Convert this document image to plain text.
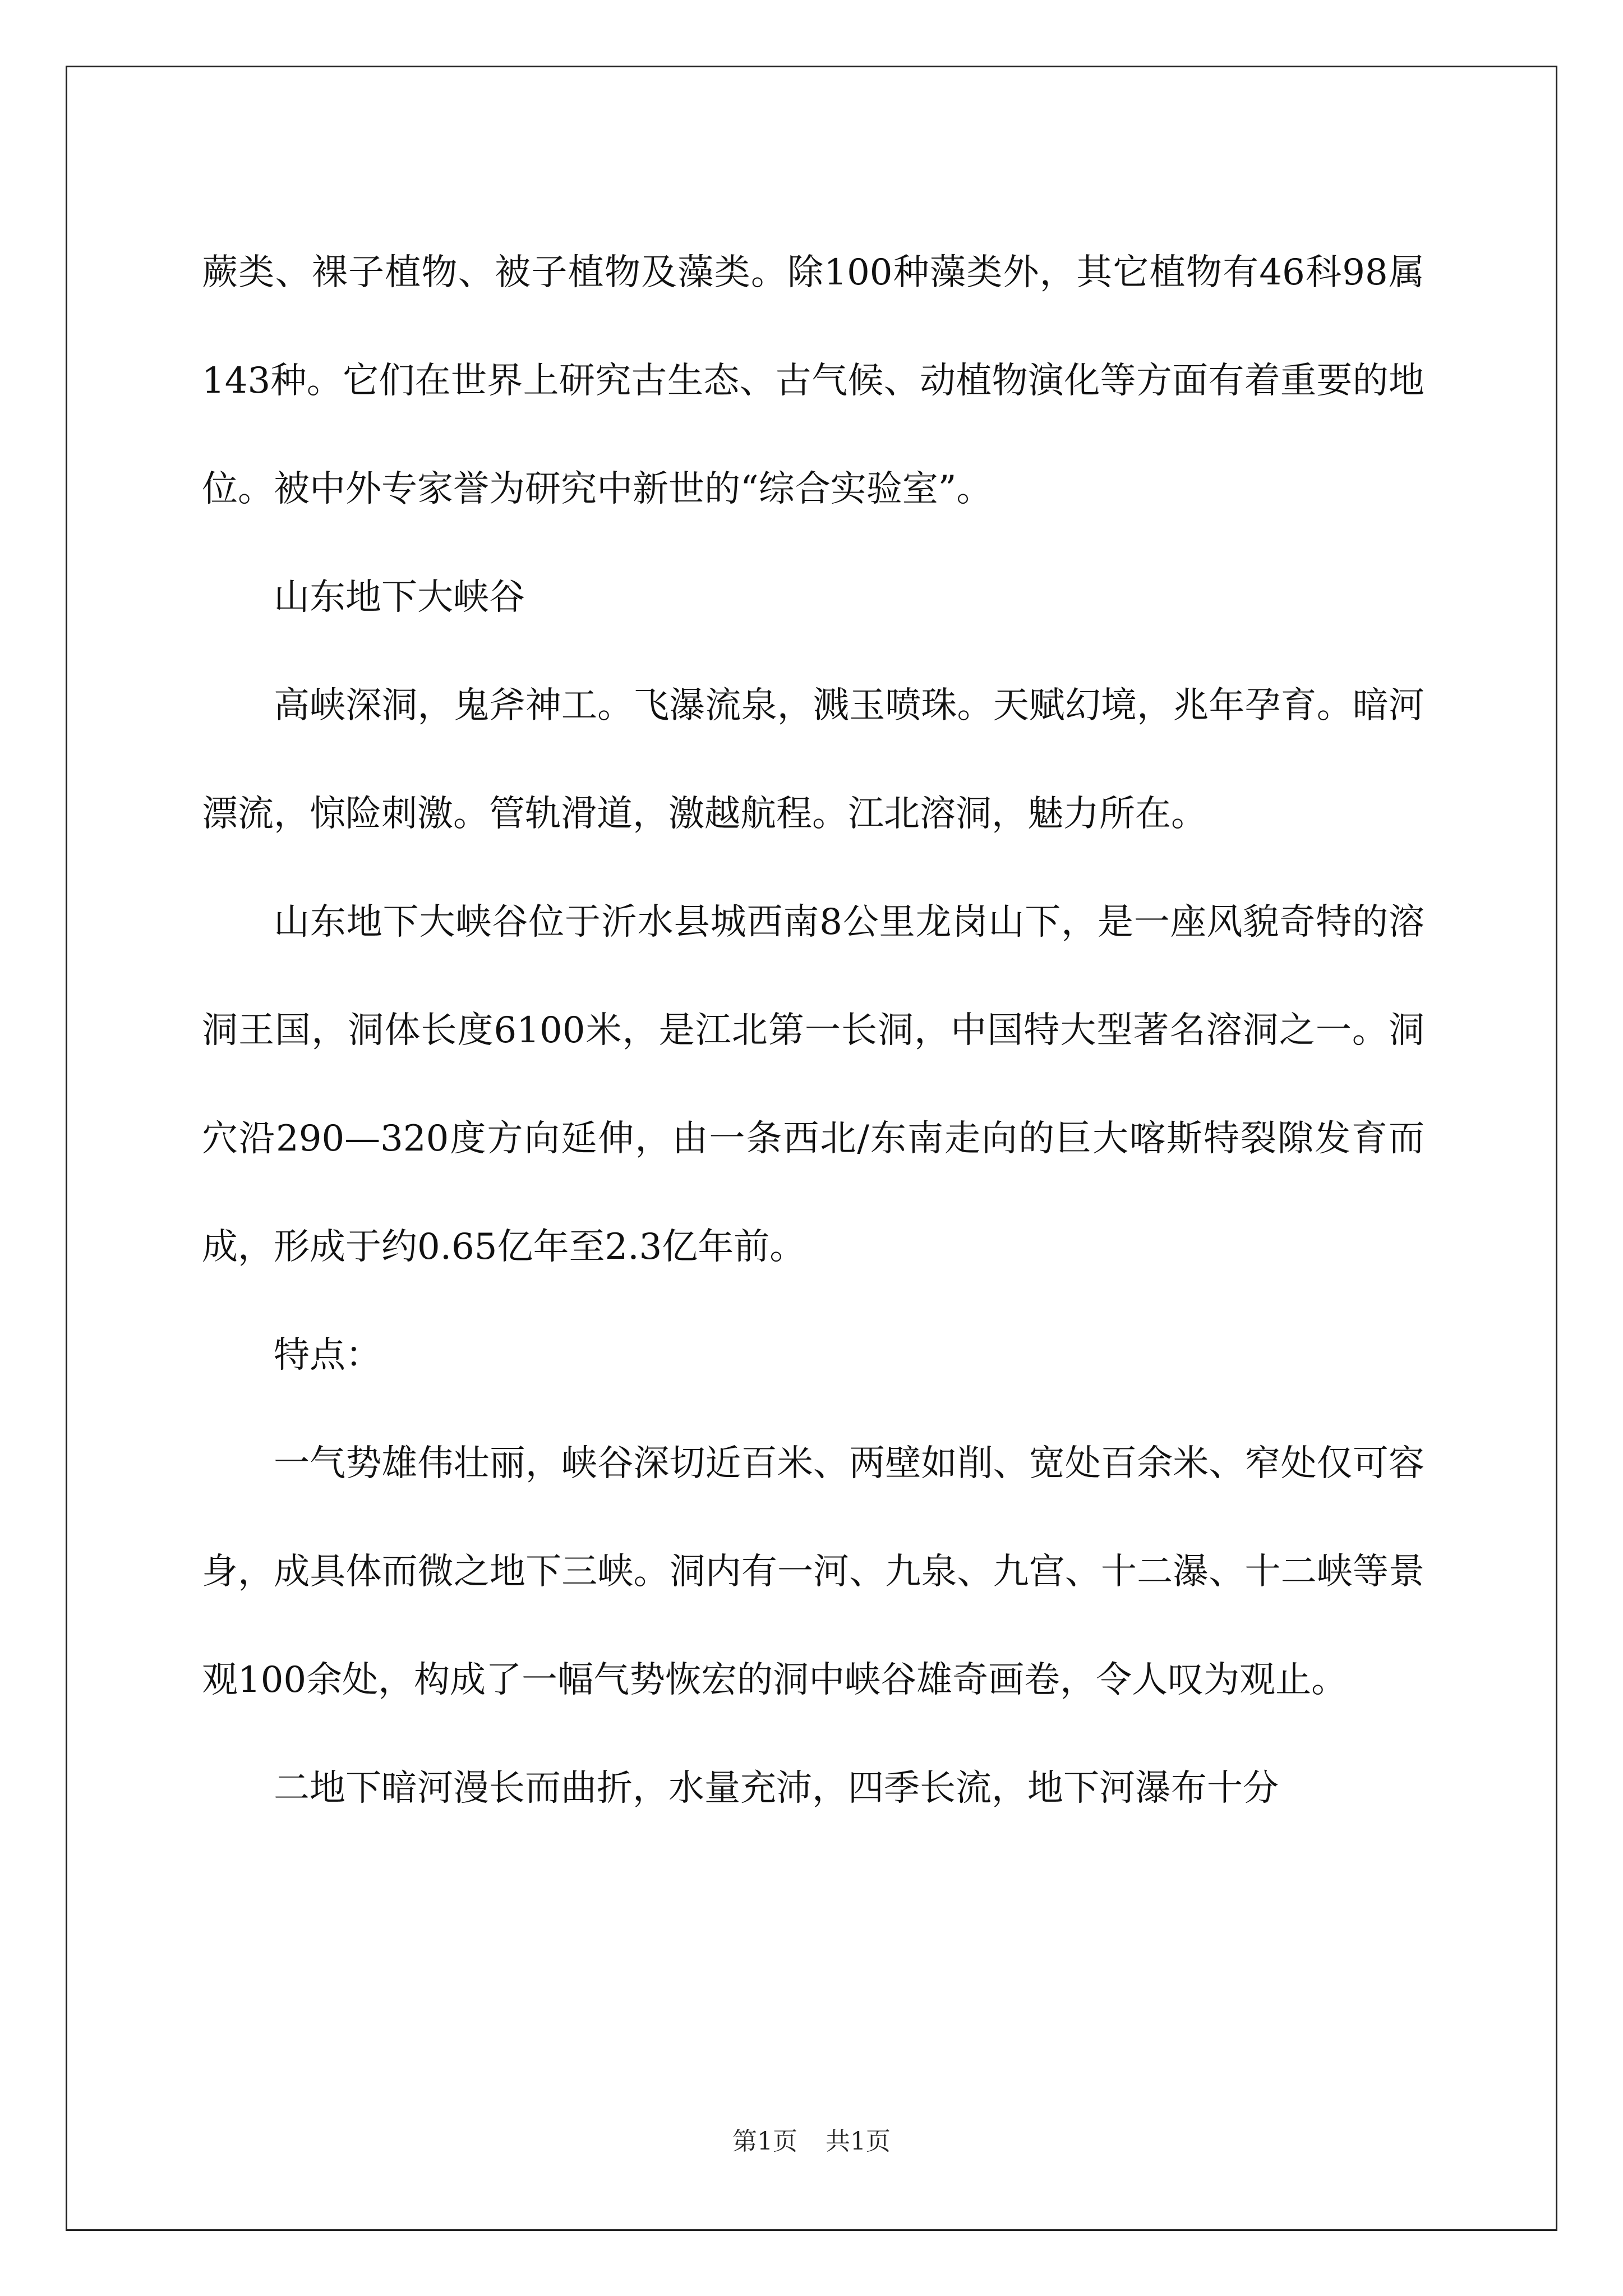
蕨类、裸子植物、被子植物及藻类。除100种藻类外，其它植物有46科98属143种。它们在世界上研究古生态、古气候、动植物演化等方面有着重要的地位。被中外专家誉为研究中新世的“综合实验室”。

山东地下大峡谷

高峡深洞，鬼斧神工。飞瀑流泉，溅玉喷珠。天赋幻境，兆年孕育。暗河漂流，惊险刺激。管轨滑道，激越航程。江北溶洞，魅力所在。

山东地下大峡谷位于沂水县城西南8公里龙岗山下，是一座风貌奇特的溶洞王国，洞体长度6100米，是江北第一长洞，中国特大型著名溶洞之一。洞穴沿290—320度方向延伸，由一条西北/东南走向的巨大喀斯特裂隙发育而成，形成于约0.65亿年至2.3亿年前。

特点：

一气势雄伟壮丽，峡谷深切近百米、两壁如削、宽处百余米、窄处仅可容身，成具体而微之地下三峡。洞内有一河、九泉、九宫、十二瀑、十二峡等景观100余处，构成了一幅气势恢宏的洞中峡谷雄奇画卷，令人叹为观止。

二地下暗河漫长而曲折，水量充沛，四季长流，地下河瀑布十分

第1页 共1页
